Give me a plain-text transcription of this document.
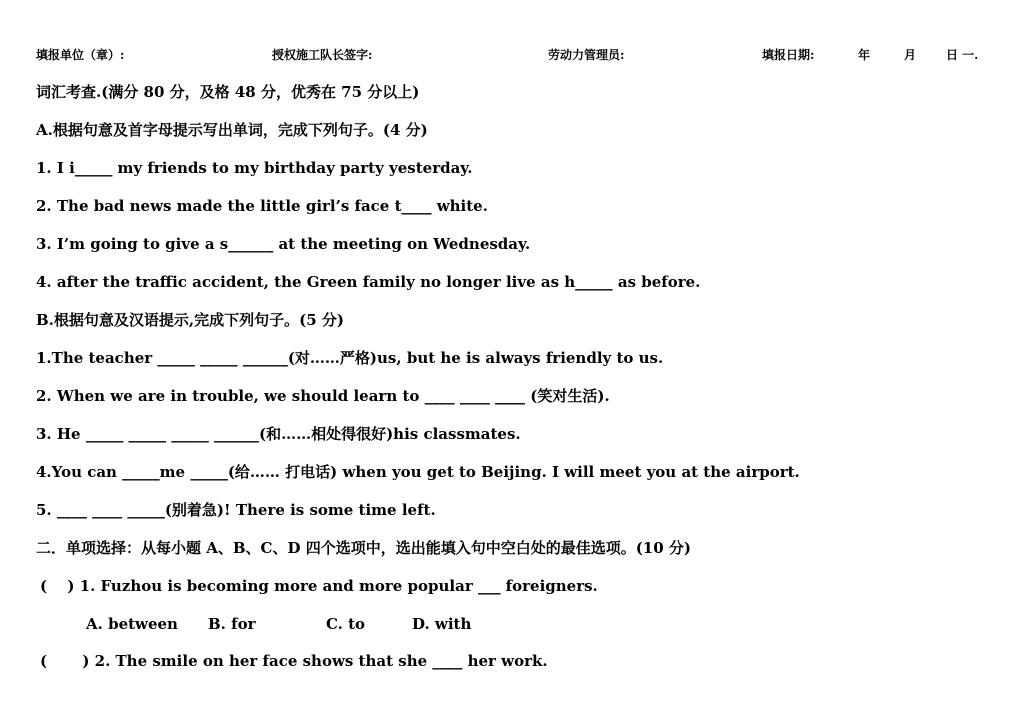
填报单位（章）:	授权施工队长签字:	劳动力管理员:	填报日期:	年	月 日 一.
词汇考查.(满分 80 分，及格 48 分，优秀在 75 分以上)
A.根据句意及首字母提示写出单词，完成下列句子。(4 分)
1. I i_____ my friends to my birthday party yesterday.
2. The bad news made the little girl’s face t____ white.
3. I’m going to give a s______ at the meeting on Wednesday.
4. after the traffic accident, the Green family no longer live as h_____ as before.
B.根据句意及汉语提示,完成下列句子。(5 分)
1.The teacher _____ _____ ______(对……严格)us, but he is always friendly to us.
2. When we are in trouble, we should learn to ____ ____ ____ (笑对生活).
3. He _____ _____ _____ ______(和……相处得很好)his classmates.
4.You can _____me _____(给…… 打电话) when you get to Beijing. I will meet you at the airport.
5. ____ ____ _____(别着急)! There is some time left.
二．单项选择：从每小题 A、B、C、D 四个选项中，选出能填入句中空白处的最佳选项。(10 分)
(　 ) 1. Fuzhou is becoming more and more popular ___ foreigners.
A. between B. for	C. to	D. with
(　　 ) 2. The smile on her face shows that she ____ her work.
